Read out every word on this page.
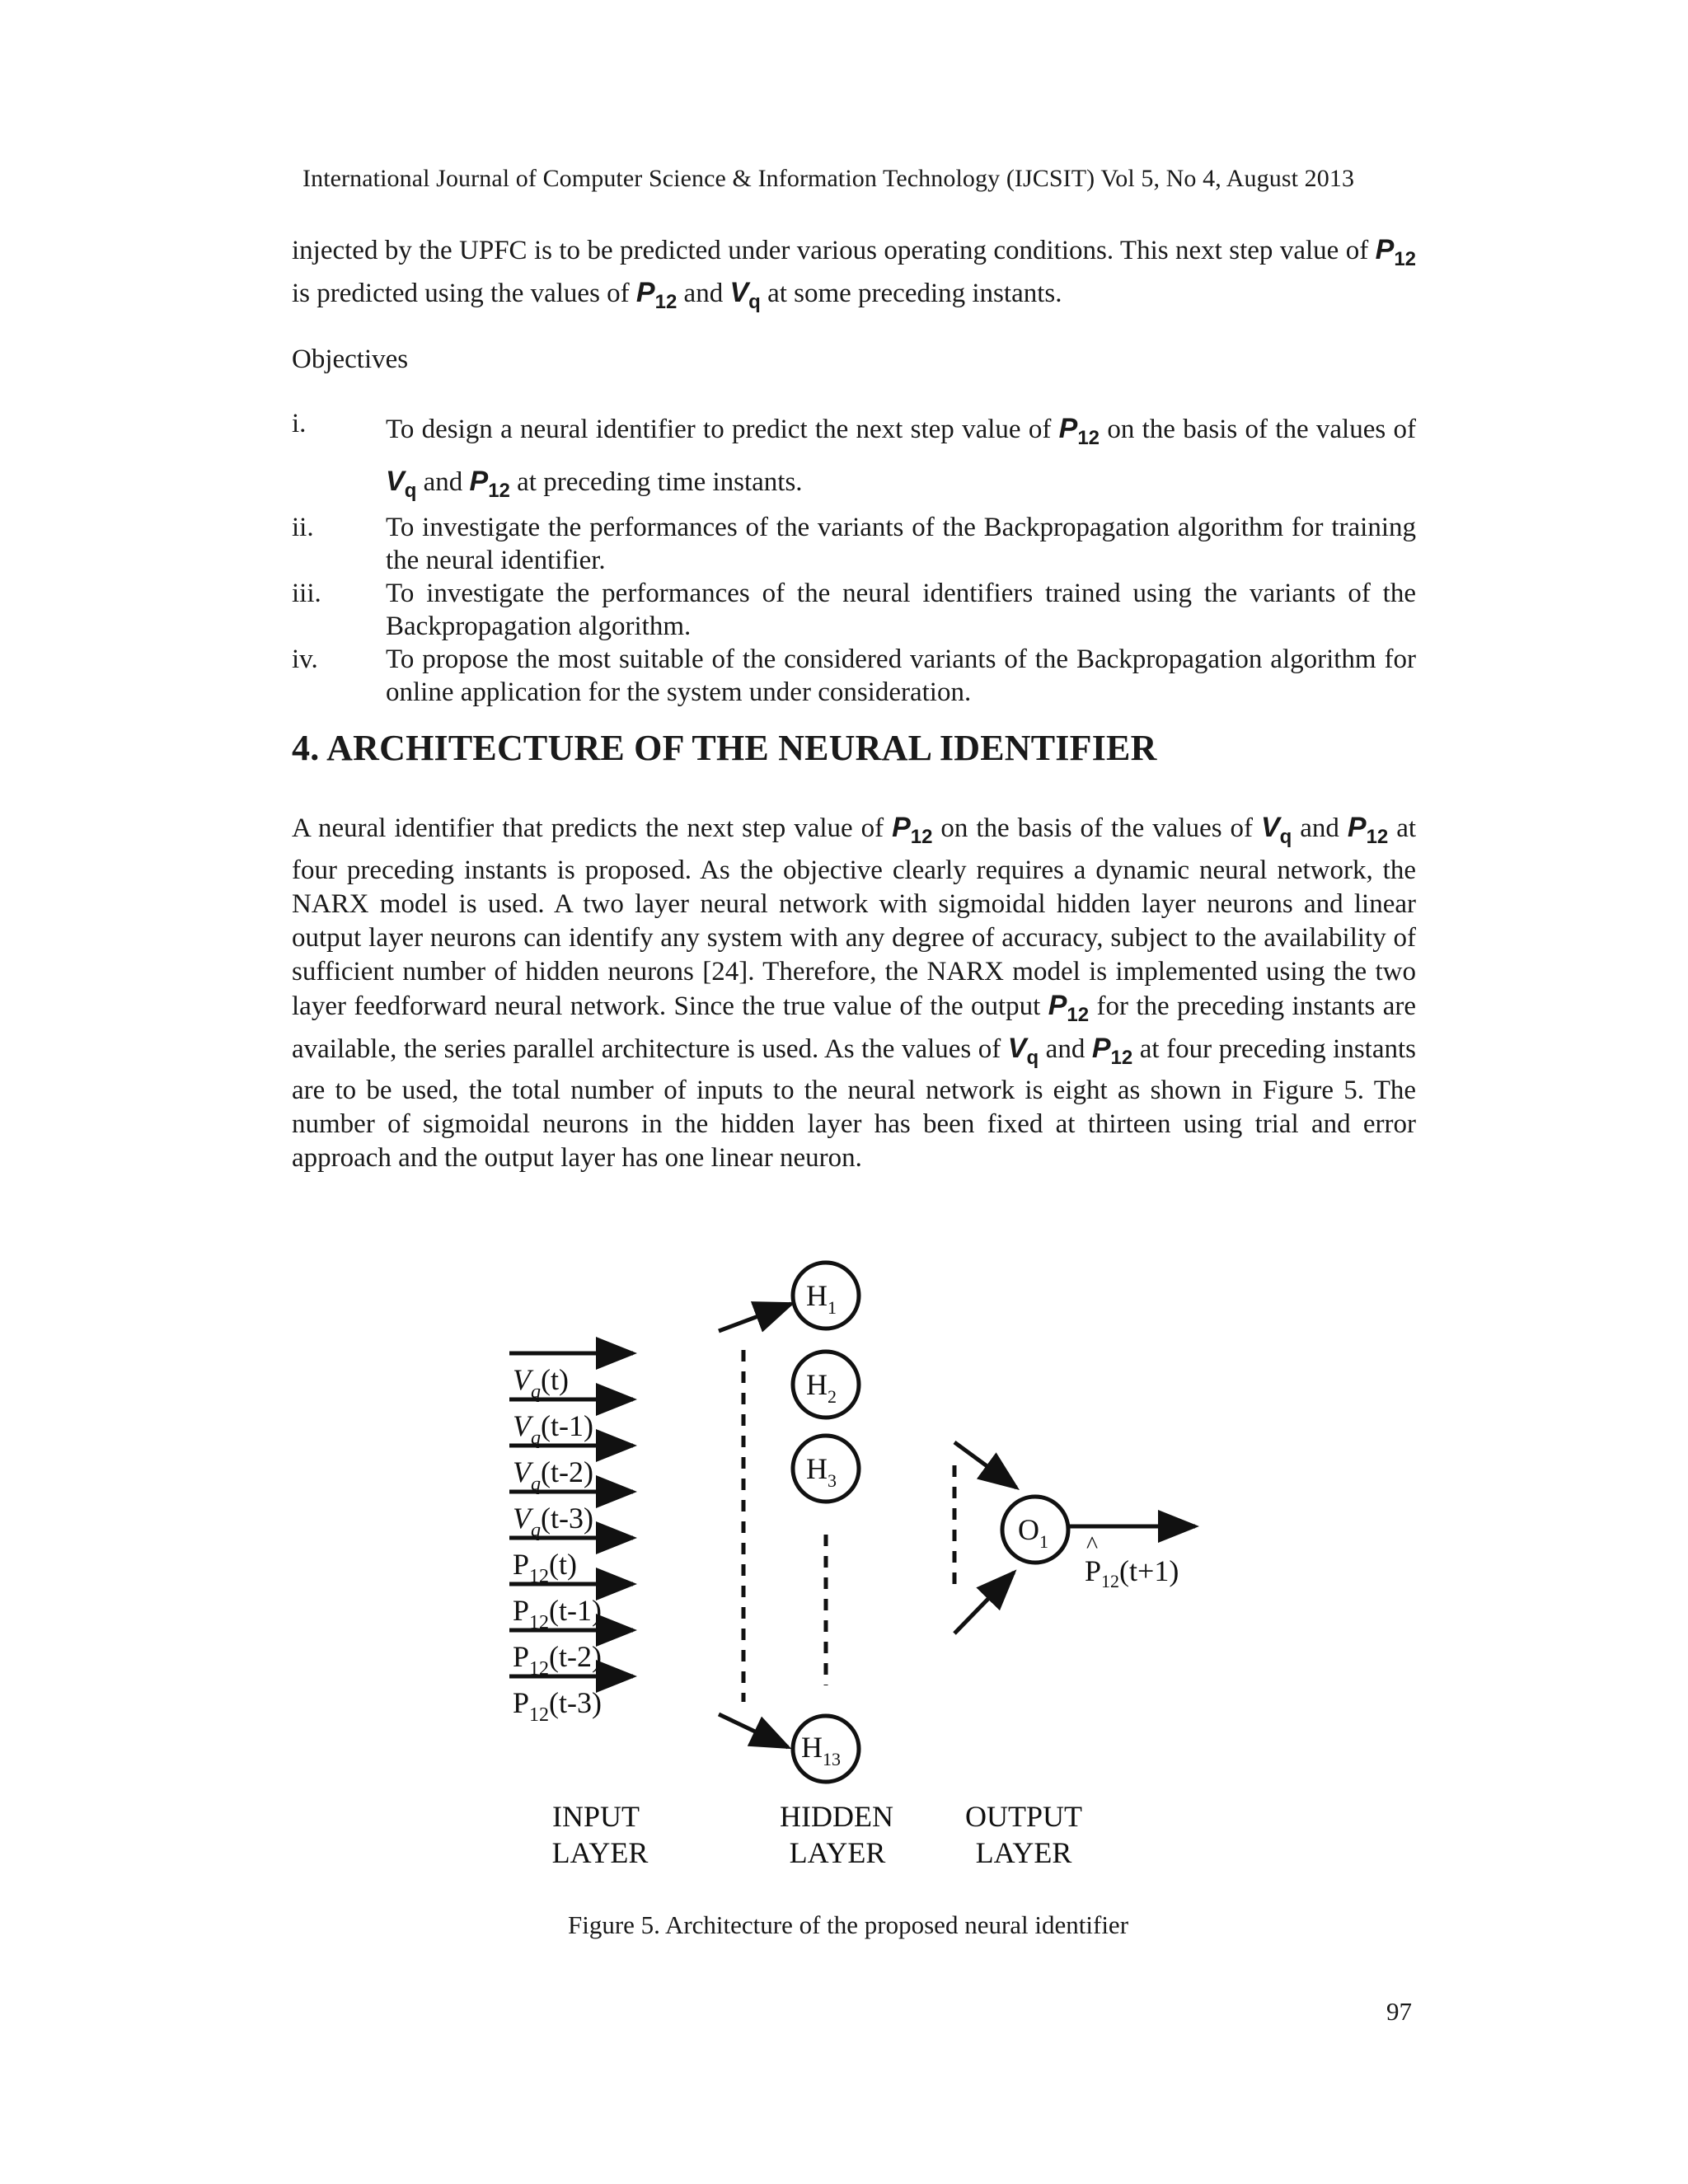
International Journal of Computer Science & Information Technology (IJCSIT) Vol 5, No 4, August 2013
injected by the UPFC is to be predicted under various operating conditions. This next step value of $P_{12}$ is predicted using the values of $P_{12}$ and $V_q$ at some preceding instants.
Objectives
i.	To design a neural identifier to predict the next step value of $P_{12}$ on the basis of the values of $V_q$ and $P_{12}$ at preceding time instants.
ii.	To investigate the performances of the variants of the Backpropagation algorithm for training the neural identifier.
iii.	To investigate the performances of the neural identifiers trained using the variants of the Backpropagation algorithm.
iv.	To propose the most suitable of the considered variants of the Backpropagation algorithm for online application for the system under consideration.
4. ARCHITECTURE OF THE NEURAL IDENTIFIER
A neural identifier that predicts the next step value of $P_{12}$ on the basis of the values of $V_q$ and $P_{12}$ at four preceding instants is proposed. As the objective clearly requires a dynamic neural network, the NARX model is used. A two layer neural network with sigmoidal hidden layer neurons and linear output layer neurons can identify any system with any degree of accuracy, subject to the availability of sufficient number of hidden neurons [24]. Therefore, the NARX model is implemented using the two layer feedforward neural network. Since the true value of the output $P_{12}$ for the preceding instants are available, the series parallel architecture is used. As the values of $V_q$ and $P_{12}$ at four preceding instants are to be used, the total number of inputs to the neural network is eight as shown in Figure 5. The number of sigmoidal neurons in the hidden layer has been fixed at thirteen using trial and error approach and the output layer has one linear neuron.
$V_q(t)$
$V_q(t-1)$
$V_q(t-2)$
$V_q(t-3)$
$P_{12}(t)$
$P_{12}(t-1)$
$P_{12}(t-2)$
$P_{12}(t-3)$
$H_1$
$H_2$
$H_3$
$H_{13}$
$O_1$ ^
$P_{12}(t+1)$
INPUT
LAYER
HIDDEN
LAYER
OUTPUT
LAYER
Figure 5. Architecture of the proposed neural identifier
97
